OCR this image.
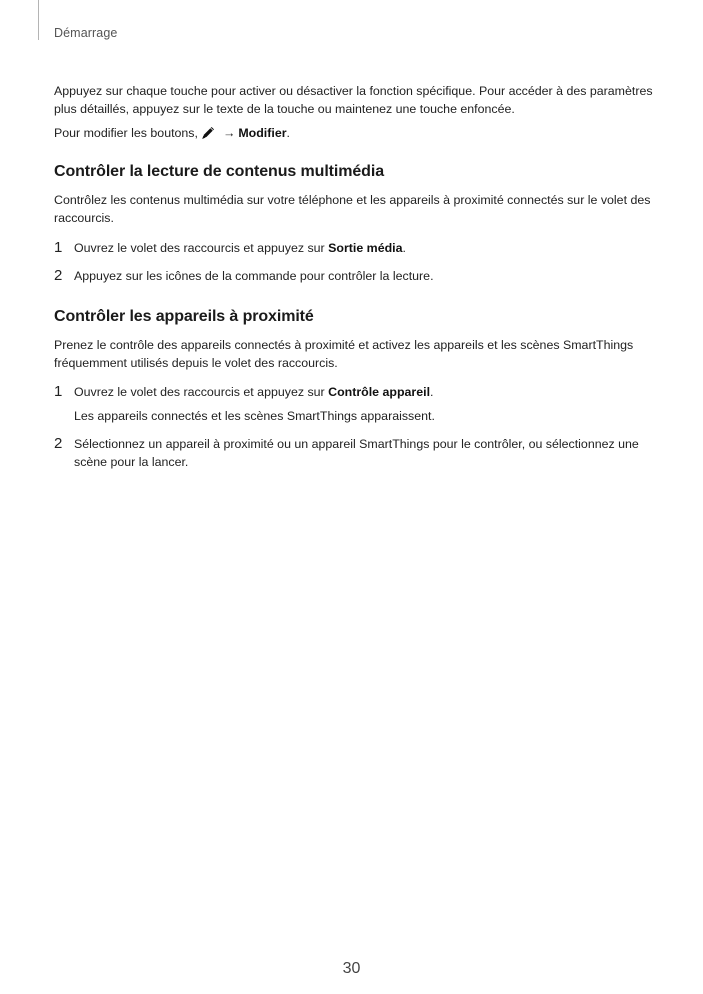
Démarrage

Appuyez sur chaque touche pour activer ou désactiver la fonction spécifique. Pour accéder à des paramètres plus détaillés, appuyez sur le texte de la touche ou maintenez une touche enfoncée.

Pour modifier les boutons, → Modifier .

Contrôler la lecture de contenus multimédia

Contrôlez les contenus multimédia sur votre téléphone et les appareils à proximité connectés sur le volet des raccourcis.

1 Ouvrez le volet des raccourcis et appuyez sur Sortie média.

2 Appuyez sur les icônes de la commande pour contrôler la lecture.

Contrôler les appareils à proximité

Prenez le contrôle des appareils connectés à proximité et activez les appareils et les scènes SmartThings fréquemment utilisés depuis le volet des raccourcis.

1 Ouvrez le volet des raccourcis et appuyez sur Contrôle appareil.

Les appareils connectés et les scènes SmartThings apparaissent.

2 Sélectionnez un appareil à proximité ou un appareil SmartThings pour le contrôler, ou sélectionnez une scène pour la lancer.

30
